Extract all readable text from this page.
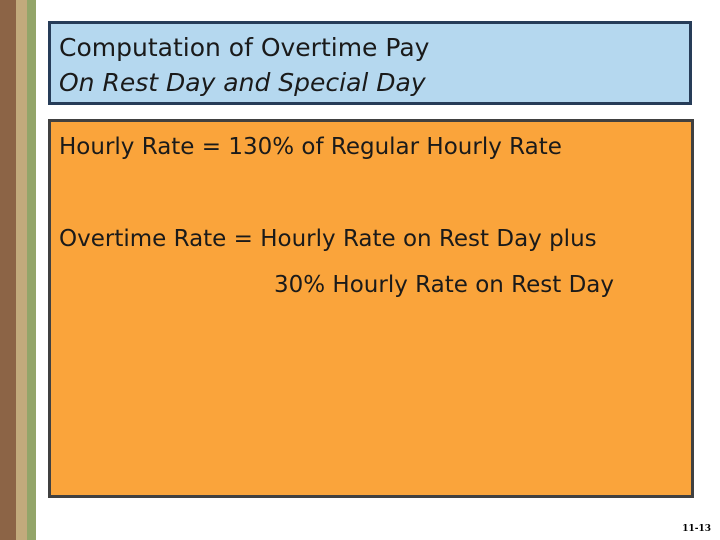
Computation of Overtime Pay
On Rest Day and Special Day
Hourly Rate = 130% of Regular Hourly Rate
Overtime Rate = Hourly Rate on Rest Day plus
30% Hourly Rate on Rest Day
11-13
